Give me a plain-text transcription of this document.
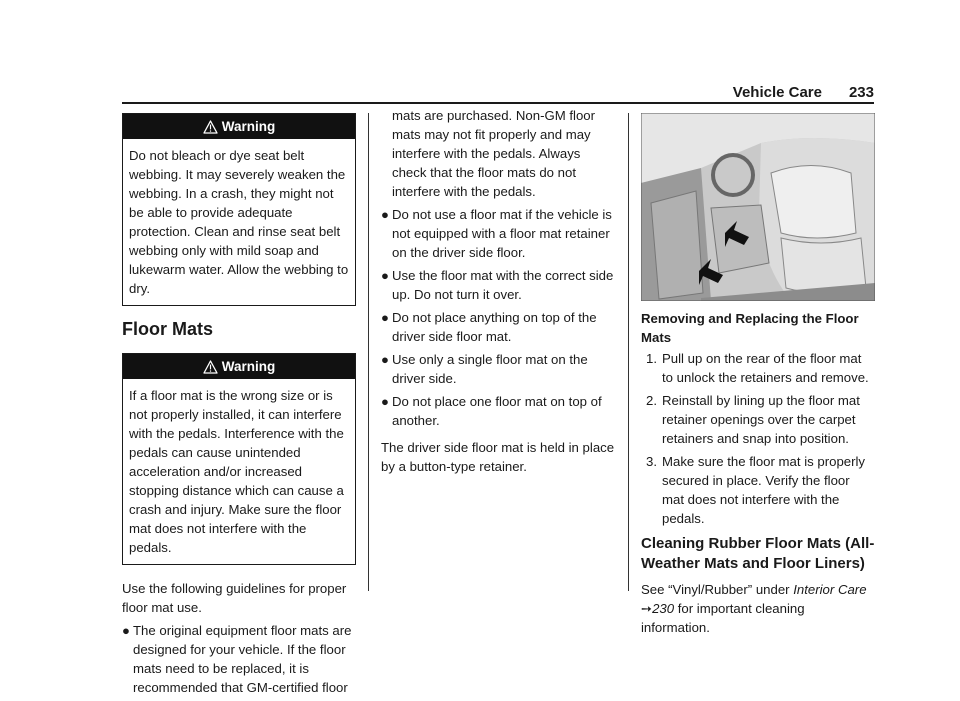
Vehicle Care 233
Warning

Do not bleach or dye seat belt webbing. It may severely weaken the webbing. In a crash, they might not be able to provide adequate protection. Clean and rinse seat belt webbing only with mild soap and lukewarm water. Allow the webbing to dry.

Floor Mats
Warning

If a floor mat is the wrong size or is not properly installed, it can interfere with the pedals. Interference with the pedals can cause unintended acceleration and/or increased stopping distance which can cause a crash and injury. Make sure the floor mat does not interfere with the pedals.

Use the following guidelines for proper floor mat use.

● The original equipment floor mats are designed for your vehicle. If the floor mats need to be replaced, it is recommended that GM-certified floor

mats are purchased. Non-GM floor mats may not fit properly and may interfere with the pedals. Always check that the floor mats do not interfere with the pedals.

● Do not use a floor mat if the vehicle is not equipped with a floor mat retainer on the driver side floor.
● Use the floor mat with the correct side up. Do not turn it over.
● Do not place anything on top of the driver side floor mat.
● Use only a single floor mat on the driver side.
● Do not place one floor mat on top of another.

The driver side floor mat is held in place by a button-type retainer.

Removing and Replacing the Floor Mats
1. Pull up on the rear of the floor mat to unlock the retainers and remove.
2. Reinstall by lining up the floor mat retainer openings over the carpet retainers and snap into position.
3. Make sure the floor mat is properly secured in place. Verify the floor mat does not interfere with the pedals.
Cleaning Rubber Floor Mats (All-Weather Mats and Floor Liners)

See “Vinyl/Rubber” under Interior Care ➙230 for important cleaning information.
